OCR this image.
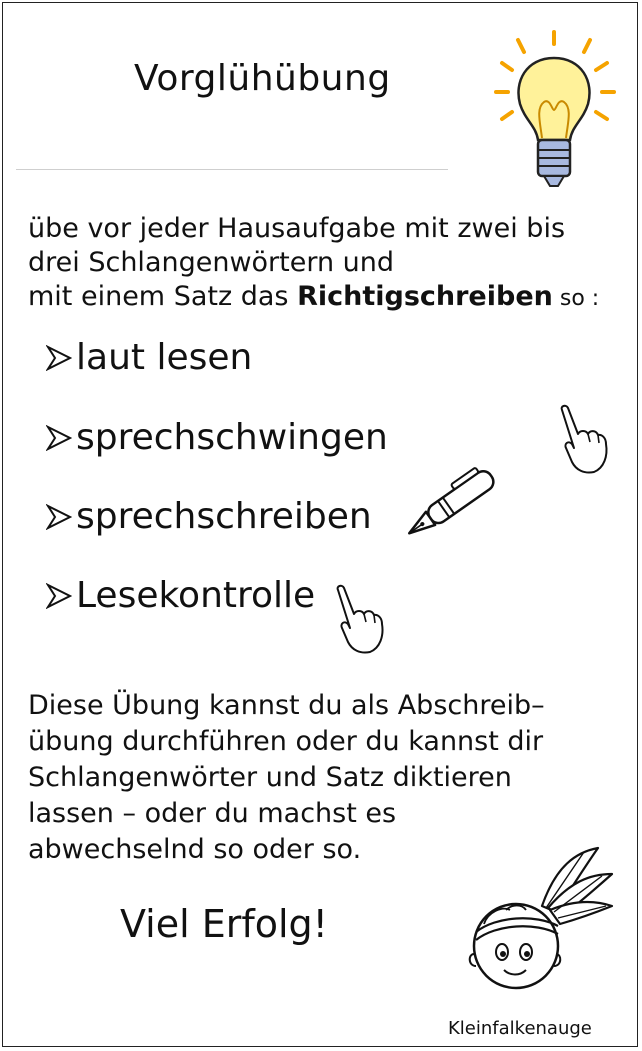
Vorglühübung
übe vor jeder Hausaufgabe mit zwei bis
drei Schlangenwörtern und
mit einem Satz das Richtigschreiben so :
laut lesen
sprechschwingen
sprechschreiben
Lesekontrolle
Diese Übung kannst du als Abschreib–
übung durchführen oder du kannst dir
Schlangenwörter und Satz diktieren
lassen – oder du machst es
abwechselnd so oder so.
Viel Erfolg!
Kleinfalkenauge
